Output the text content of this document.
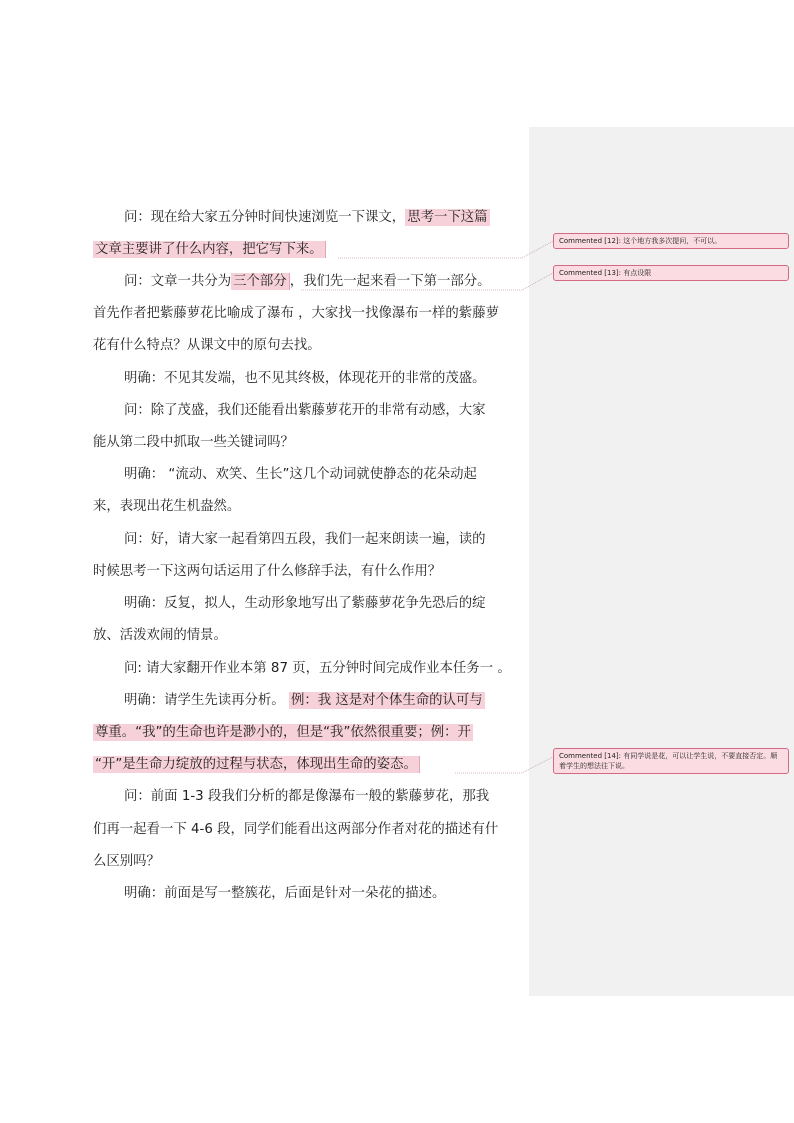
问：现在给大家五分钟时间快速浏览一下课文， 思考一下这篇
文章主要讲了什么内容，把它写下来。
问：文章一共分为 三个部分 ，我们先一起来看一下第一部分。
首先作者把紫藤萝花比喻成了瀑布 ，大家找一找像瀑布一样的紫藤萝
花有什么特点？从课文中的原句去找。
明确：不见其发端，也不见其终极，体现花开的非常的茂盛。
问：除了茂盛，我们还能看出紫藤萝花开的非常有动感，大家
能从第二段中抓取一些关键词吗？
明确： “流动、欢笑、生长”这几个动词就使静态的花朵动起
来，表现出花生机盎然。
问：好，请大家一起看第四五段，我们一起来朗读一遍，读的
时候思考一下这两句话运用了什么修辞手法，有什么作用？
明确：反复，拟人，生动形象地写出了紫藤萝花争先恐后的绽
放、活泼欢闹的情景。
问: 请大家翻开作业本第 87 页，五分钟时间完成作业本任务一 。
明确：请学生先读再分析。 例：我 这是对个体生命的认可与
尊重。“我”的生命也许是渺小的，但是“我”依然很重要；例：开
“开”是生命力绽放的过程与状态，体现出生命的姿态。
问：前面 1-3 段我们分析的都是像瀑布一般的紫藤萝花，那我
们再一起看一下 4-6 段，同学们能看出这两部分作者对花的描述有什
么区别吗？
明确：前面是写一整簇花，后面是针对一朵花的描述。
Commented [12]: 这个地方我多次提问，不可以。
Commented [13]: 有点设限
Commented [14]: 有同学说是花，可以让学生说，不要直接否定。顺着学生的想法往下说。
